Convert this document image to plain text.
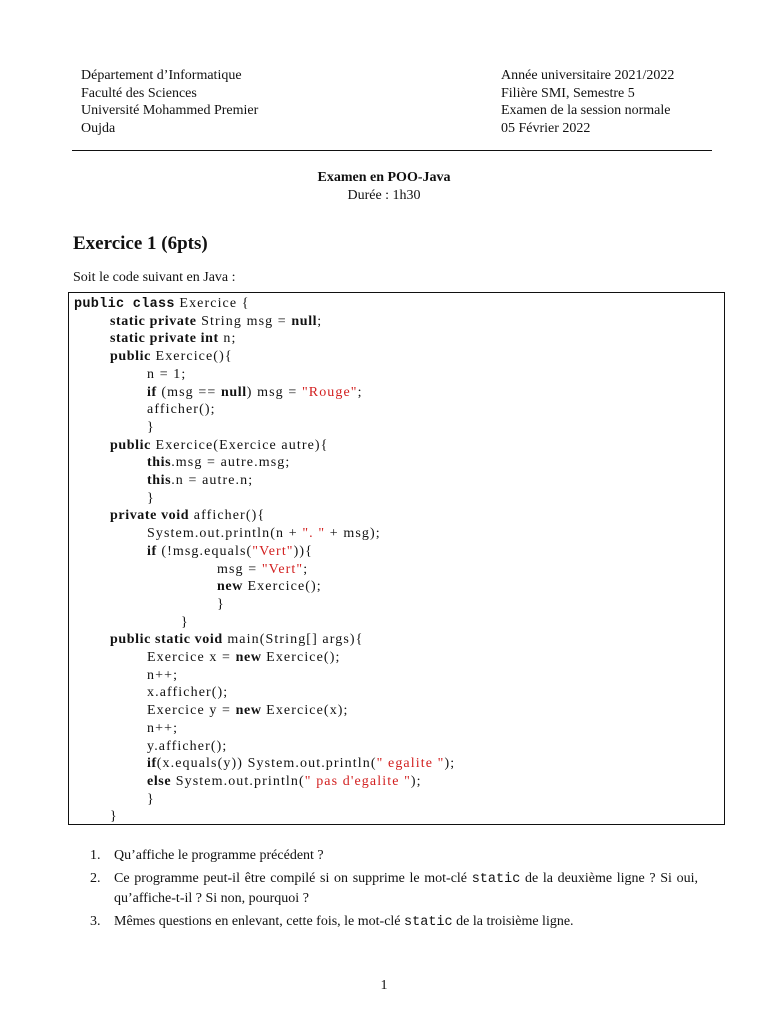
Département d’Informatique
Faculté des Sciences
Université Mohammed Premier
Oujda
Année universitaire 2021/2022
Filière SMI, Semestre 5
Examen de la session normale
05 Février 2022
Examen en POO-Java
Durée : 1h30
Exercice 1 (6pts)
Soit le code suivant en Java :
public class Exercice {
static private String msg = null;
static private int n;
public Exercice(){
n = 1;
if (msg == null) msg = "Rouge";
afficher();
}
public Exercice(Exercice autre){
this.msg = autre.msg;
this.n = autre.n;
}
private void afficher(){
System.out.println(n + ". " + msg);
if (!msg.equals("Vert")){
msg = "Vert";
new Exercice();
}
}
public static void main(String[] args){
Exercice x = new Exercice();
n++;
x.afficher();
Exercice y = new Exercice(x);
n++;
y.afficher();
if(x.equals(y)) System.out.println(" egalite ");
else System.out.println(" pas d'egalite ");
}
}
1. Qu’affiche le programme précédent ?
2. Ce programme peut-il être compilé si on supprime le mot-clé static de la deuxième ligne ? Si oui, qu’affiche-t-il ? Si non, pourquoi ?
3. Mêmes questions en enlevant, cette fois, le mot-clé static de la troisième ligne.
1
